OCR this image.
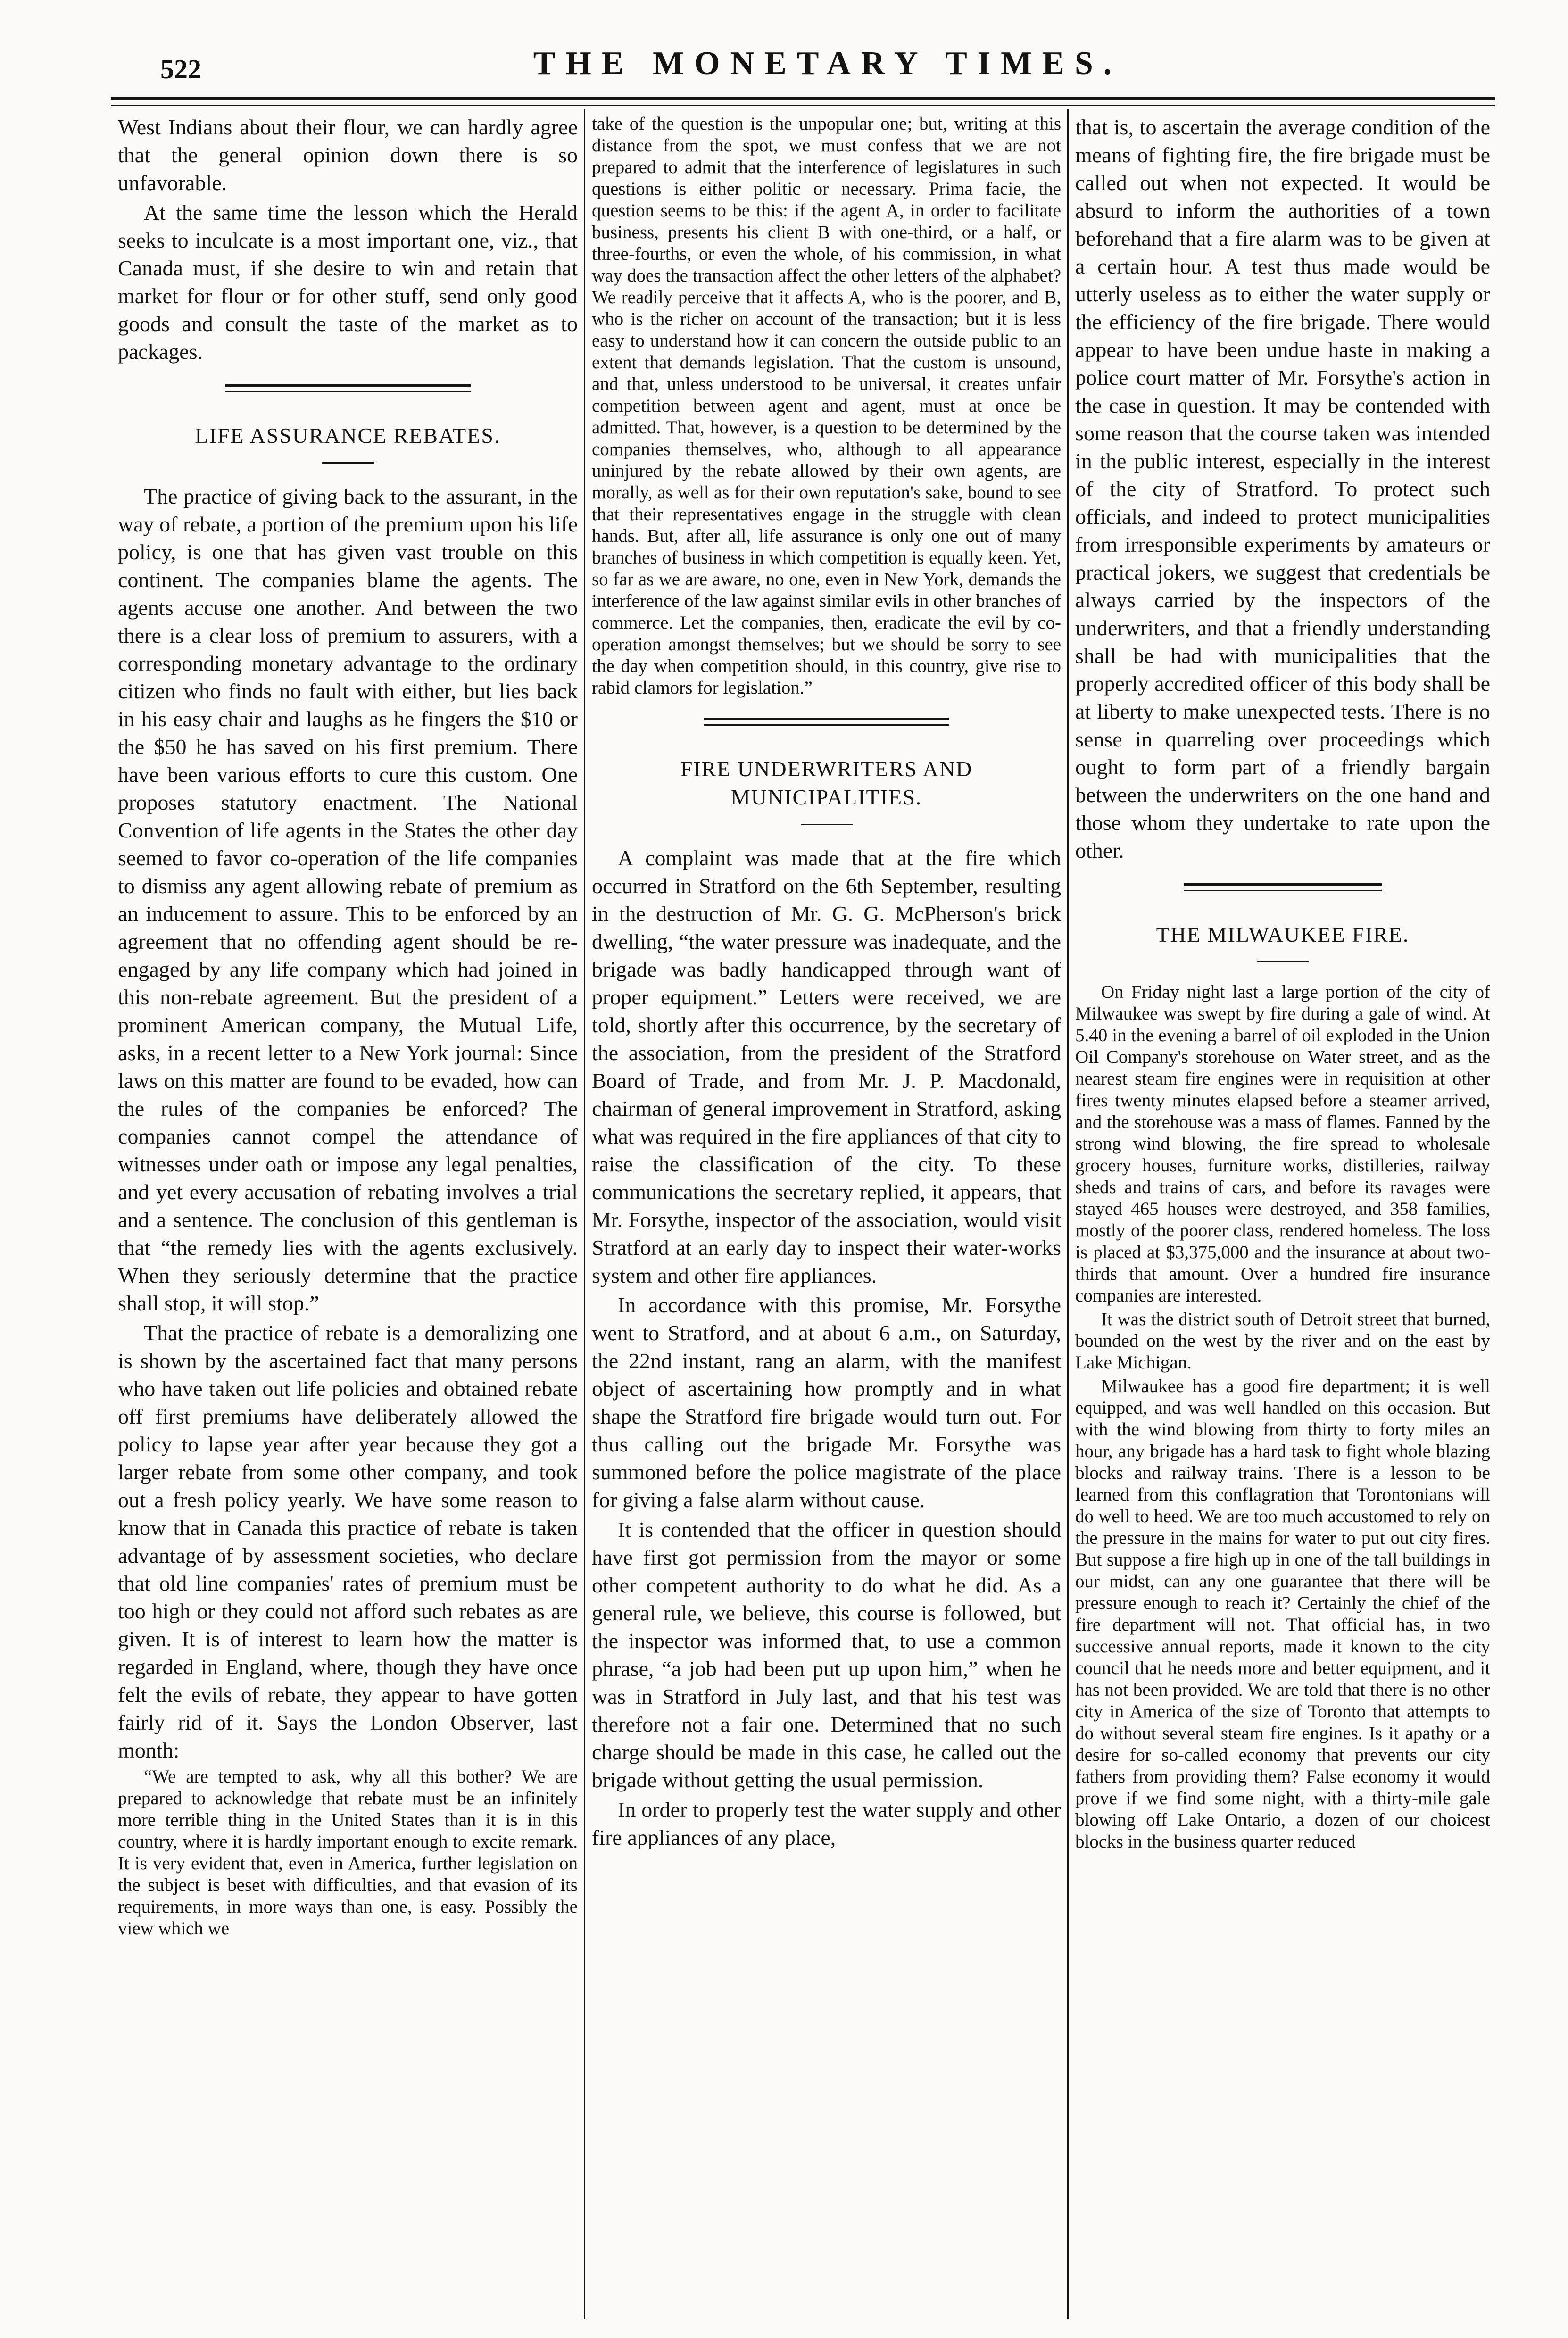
522	THE MONETARY TIMES.

West Indians about their flour, we can hardly agree that the general opinion down there is so unfavorable.

At the same time the lesson which the Herald seeks to inculcate is a most important one, viz., that Canada must, if she desire to win and retain that market for flour or for other stuff, send only good goods and consult the taste of the market as to packages.

LIFE ASSURANCE REBATES.

The practice of giving back to the assurant, in the way of rebate, a portion of the premium upon his life policy, is one that has given vast trouble on this continent. The companies blame the agents. The agents accuse one another. And between the two there is a clear loss of premium to assurers, with a corresponding monetary advantage to the ordinary citizen who finds no fault with either, but lies back in his easy chair and laughs as he fingers the $10 or the $50 he has saved on his first premium. There have been various efforts to cure this custom. One proposes statutory enactment. The National Convention of life agents in the States the other day seemed to favor co-operation of the life companies to dismiss any agent allowing rebate of premium as an inducement to assure. This to be enforced by an agreement that no offending agent should be re-engaged by any life company which had joined in this non-rebate agreement. But the president of a prominent American company, the Mutual Life, asks, in a recent letter to a New York journal: Since laws on this matter are found to be evaded, how can the rules of the companies be enforced? The companies cannot compel the attendance of witnesses under oath or impose any legal penalties, and yet every accusation of rebating involves a trial and a sentence. The conclusion of this gentleman is that “the remedy lies with the agents exclusively. When they seriously determine that the practice shall stop, it will stop.”

That the practice of rebate is a demoralizing one is shown by the ascertained fact that many persons who have taken out life policies and obtained rebate off first premiums have deliberately allowed the policy to lapse year after year because they got a larger rebate from some other company, and took out a fresh policy yearly. We have some reason to know that in Canada this practice of rebate is taken advantage of by assessment societies, who declare that old line companies' rates of premium must be too high or they could not afford such rebates as are given. It is of interest to learn how the matter is regarded in England, where, though they have once felt the evils of rebate, they appear to have gotten fairly rid of it. Says the London Observer, last month:

“We are tempted to ask, why all this bother? We are prepared to acknowledge that rebate must be an infinitely more terrible thing in the United States than it is in this country, where it is hardly important enough to excite remark. It is very evident that, even in America, further legislation on the subject is beset with difficulties, and that evasion of its requirements, in more ways than one, is easy. Possibly the view which we

take of the question is the unpopular one; but, writing at this distance from the spot, we must confess that we are not prepared to admit that the interference of legislatures in such questions is either politic or necessary. Prima facie, the question seems to be this: if the agent A, in order to facilitate business, presents his client B with one-third, or a half, or three-fourths, or even the whole, of his commission, in what way does the transaction affect the other letters of the alphabet? We readily perceive that it affects A, who is the poorer, and B, who is the richer on account of the transaction; but it is less easy to understand how it can concern the outside public to an extent that demands legislation. That the custom is unsound, and that, unless understood to be universal, it creates unfair competition between agent and agent, must at once be admitted. That, however, is a question to be determined by the companies themselves, who, although to all appearance uninjured by the rebate allowed by their own agents, are morally, as well as for their own reputation's sake, bound to see that their representatives engage in the struggle with clean hands. But, after all, life assurance is only one out of many branches of business in which competition is equally keen. Yet, so far as we are aware, no one, even in New York, demands the interference of the law against similar evils in other branches of commerce. Let the companies, then, eradicate the evil by co-operation amongst themselves; but we should be sorry to see the day when competition should, in this country, give rise to rabid clamors for legislation.”

FIRE UNDERWRITERS AND MUNICIPALITIES.

A complaint was made that at the fire which occurred in Stratford on the 6th September, resulting in the destruction of Mr. G. G. McPherson's brick dwelling, “the water pressure was inadequate, and the brigade was badly handicapped through want of proper equipment.” Letters were received, we are told, shortly after this occurrence, by the secretary of the association, from the president of the Stratford Board of Trade, and from Mr. J. P. Macdonald, chairman of general improvement in Stratford, asking what was required in the fire appliances of that city to raise the classification of the city. To these communications the secretary replied, it appears, that Mr. Forsythe, inspector of the association, would visit Stratford at an early day to inspect their water-works system and other fire appliances.

In accordance with this promise, Mr. Forsythe went to Stratford, and at about 6 a.m., on Saturday, the 22nd instant, rang an alarm, with the manifest object of ascertaining how promptly and in what shape the Stratford fire brigade would turn out. For thus calling out the brigade Mr. Forsythe was summoned before the police magistrate of the place for giving a false alarm without cause.

It is contended that the officer in question should have first got permission from the mayor or some other competent authority to do what he did. As a general rule, we believe, this course is followed, but the inspector was informed that, to use a common phrase, “a job had been put up upon him,” when he was in Stratford in July last, and that his test was therefore not a fair one. Determined that no such charge should be made in this case, he called out the brigade without getting the usual permission.

In order to properly test the water supply and other fire appliances of any place,

that is, to ascertain the average condition of the means of fighting fire, the fire brigade must be called out when not expected. It would be absurd to inform the authorities of a town beforehand that a fire alarm was to be given at a certain hour. A test thus made would be utterly useless as to either the water supply or the efficiency of the fire brigade. There would appear to have been undue haste in making a police court matter of Mr. Forsythe's action in the case in question. It may be contended with some reason that the course taken was intended in the public interest, especially in the interest of the city of Stratford. To protect such officials, and indeed to protect municipalities from irresponsible experiments by amateurs or practical jokers, we suggest that credentials be always carried by the inspectors of the underwriters, and that a friendly understanding shall be had with municipalities that the properly accredited officer of this body shall be at liberty to make unexpected tests. There is no sense in quarreling over proceedings which ought to form part of a friendly bargain between the underwriters on the one hand and those whom they undertake to rate upon the other.

THE MILWAUKEE FIRE.

On Friday night last a large portion of the city of Milwaukee was swept by fire during a gale of wind. At 5.40 in the evening a barrel of oil exploded in the Union Oil Company's storehouse on Water street, and as the nearest steam fire engines were in requisition at other fires twenty minutes elapsed before a steamer arrived, and the storehouse was a mass of flames. Fanned by the strong wind blowing, the fire spread to wholesale grocery houses, furniture works, distilleries, railway sheds and trains of cars, and before its ravages were stayed 465 houses were destroyed, and 358 families, mostly of the poorer class, rendered homeless. The loss is placed at $3,375,000 and the insurance at about two-thirds that amount. Over a hundred fire insurance companies are interested.

It was the district south of Detroit street that burned, bounded on the west by the river and on the east by Lake Michigan.

Milwaukee has a good fire department; it is well equipped, and was well handled on this occasion. But with the wind blowing from thirty to forty miles an hour, any brigade has a hard task to fight whole blazing blocks and railway trains. There is a lesson to be learned from this conflagration that Torontonians will do well to heed. We are too much accustomed to rely on the pressure in the mains for water to put out city fires. But suppose a fire high up in one of the tall buildings in our midst, can any one guarantee that there will be pressure enough to reach it? Certainly the chief of the fire department will not. That official has, in two successive annual reports, made it known to the city council that he needs more and better equipment, and it has not been provided. We are told that there is no other city in America of the size of Toronto that attempts to do without several steam fire engines. Is it apathy or a desire for so-called economy that prevents our city fathers from providing them? False economy it would prove if we find some night, with a thirty-mile gale blowing off Lake Ontario, a dozen of our choicest blocks in the business quarter reduced
